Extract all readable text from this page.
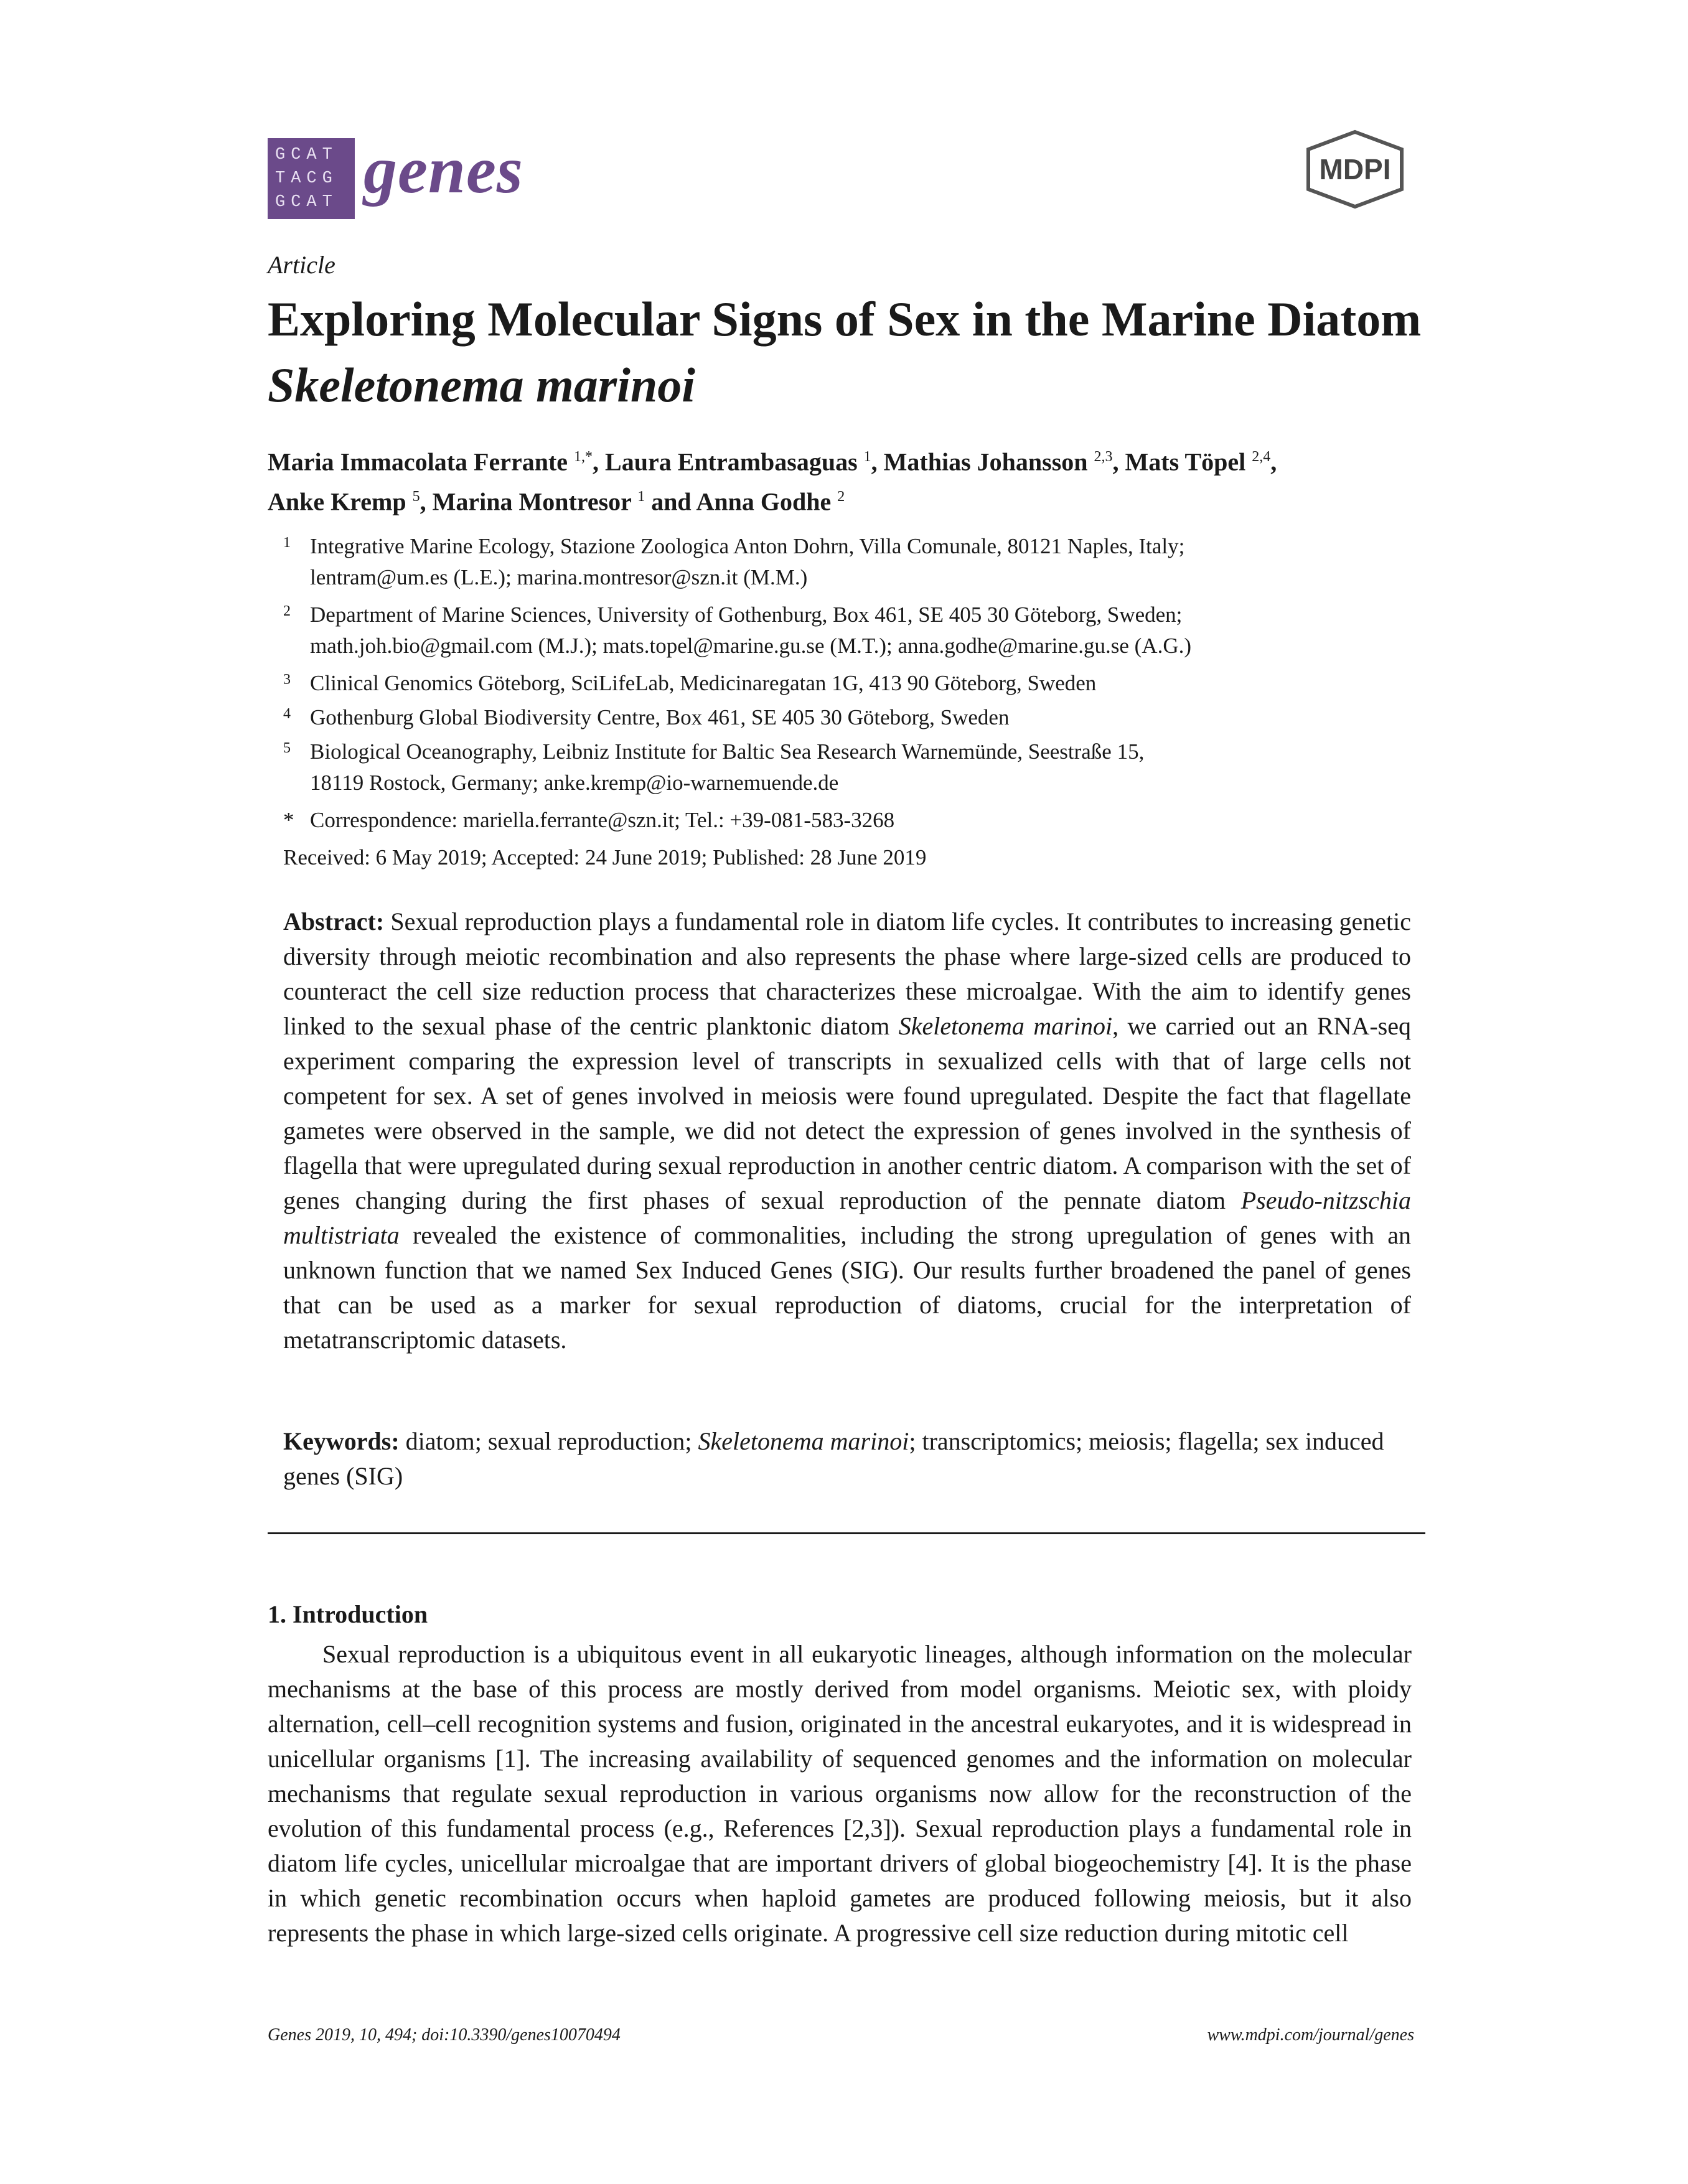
GCAT
TACG
GCAT genes	MDPI
Article
Exploring Molecular Signs of Sex in the Marine Diatom Skeletonema marinoi
Maria Immacolata Ferrante $^{1,*}$, Laura Entrambasaguas $^1$, Mathias Johansson $^{2,3}$, Mats Töpel $^{2,4}$,
Anke Kremp $^5$, Marina Montresor $^1$ and Anna Godhe $^2$
1 Integrative Marine Ecology, Stazione Zoologica Anton Dohrn, Villa Comunale, 80121 Naples, Italy;
lentram@um.es (L.E.); marina.montresor@szn.it (M.M.)
2 Department of Marine Sciences, University of Gothenburg, Box 461, SE 405 30 Göteborg, Sweden;
math.joh.bio@gmail.com (M.J.); mats.topel@marine.gu.se (M.T.); anna.godhe@marine.gu.se (A.G.)
3 Clinical Genomics Göteborg, SciLifeLab, Medicinaregatan 1G, 413 90 Göteborg, Sweden
4 Gothenburg Global Biodiversity Centre, Box 461, SE 405 30 Göteborg, Sweden
5 Biological Oceanography, Leibniz Institute for Baltic Sea Research Warnemünde, Seestraße 15,
18119 Rostock, Germany; anke.kremp@io-warnemuende.de
* Correspondence: mariella.ferrante@szn.it; Tel.: +39-081-583-3268
Received: 6 May 2019; Accepted: 24 June 2019; Published: 28 June 2019
Abstract: Sexual reproduction plays a fundamental role in diatom life cycles. It contributes to increasing genetic diversity through meiotic recombination and also represents the phase where large-sized cells are produced to counteract the cell size reduction process that characterizes these microalgae. With the aim to identify genes linked to the sexual phase of the centric planktonic diatom Skeletonema marinoi, we carried out an RNA-seq experiment comparing the expression level of transcripts in sexualized cells with that of large cells not competent for sex. A set of genes involved in meiosis were found upregulated. Despite the fact that flagellate gametes were observed in the sample, we did not detect the expression of genes involved in the synthesis of flagella that were upregulated during sexual reproduction in another centric diatom. A comparison with the set of genes changing during the first phases of sexual reproduction of the pennate diatom Pseudo-nitzschia multistriata revealed the existence of commonalities, including the strong upregulation of genes with an unknown function that we named Sex Induced Genes (SIG). Our results further broadened the panel of genes that can be used as a marker for sexual reproduction of diatoms, crucial for the interpretation of metatranscriptomic datasets.
Keywords: diatom; sexual reproduction; Skeletonema marinoi; transcriptomics; meiosis; flagella; sex induced genes (SIG)
1. Introduction
Sexual reproduction is a ubiquitous event in all eukaryotic lineages, although information on the molecular mechanisms at the base of this process are mostly derived from model organisms. Meiotic sex, with ploidy alternation, cell–cell recognition systems and fusion, originated in the ancestral eukaryotes, and it is widespread in unicellular organisms [1]. The increasing availability of sequenced genomes and the information on molecular mechanisms that regulate sexual reproduction in various organisms now allow for the reconstruction of the evolution of this fundamental process (e.g., References [2,3]). Sexual reproduction plays a fundamental role in diatom life cycles, unicellular microalgae that are important drivers of global biogeochemistry [4]. It is the phase in which genetic recombination occurs when haploid gametes are produced following meiosis, but it also represents the phase in which large-sized cells originate. A progressive cell size reduction during mitotic cell
Genes 2019, 10, 494; doi:10.3390/genes10070494	www.mdpi.com/journal/genes
